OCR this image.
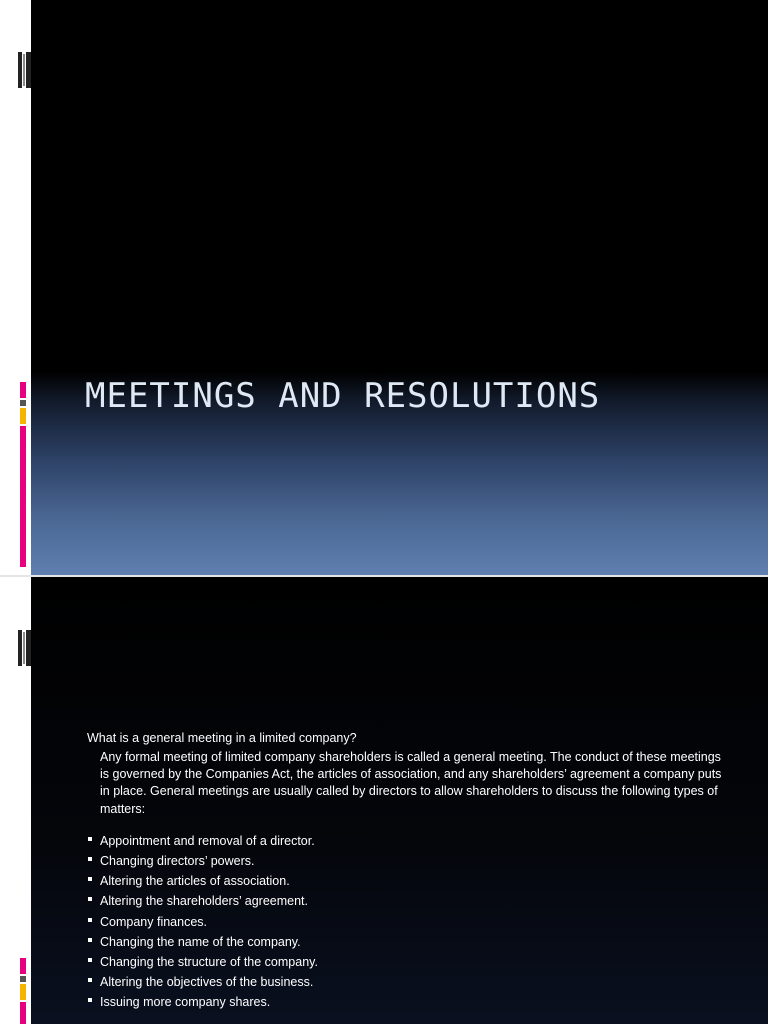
MEETINGS AND RESOLUTIONS

What is a general meeting in a limited company?

Any formal meeting of limited company shareholders is called a general meeting. The conduct of these meetings is governed by the Companies Act, the articles of association, and any shareholders’ agreement a company puts in place. General meetings are usually called by directors to allow shareholders to discuss the following types of matters:

Appointment and removal of a director.
Changing directors’ powers.
Altering the articles of association.
Altering the shareholders’ agreement.
Company finances.
Changing the name of the company.
Changing the structure of the company.
Altering the objectives of the business.
Issuing more company shares.
